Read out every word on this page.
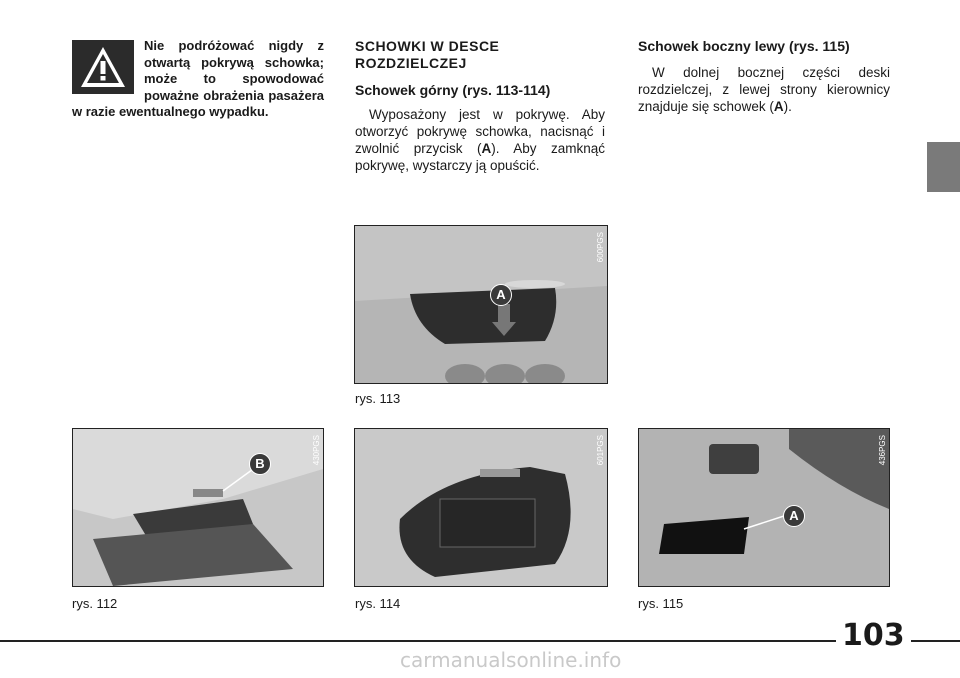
Nie podróżować nigdy z otwartą pokrywą schowka; może to spowodować poważne obrażenia pasażera w razie ewentualnego wypadku.
SCHOWKI W DESCE ROZDZIELCZEJ
Schowek górny (rys. 113-114)

Wyposażony jest w pokrywę. Aby otworzyć pokrywę schowka, nacisnąć i zwolnić przycisk (A). Aby zamknąć pokrywę, wystarczy ją opuścić.

Schowek boczny lewy (rys. 115)

W dolnej bocznej części deski rozdzielczej, z lewej strony kierownicy znajduje się schowek (A).

A
600PGS
rys. 113
B	430PGS
rys. 112
601PGS
rys. 114
A
436PGS
rys. 115
103
carmanualsonline.info
